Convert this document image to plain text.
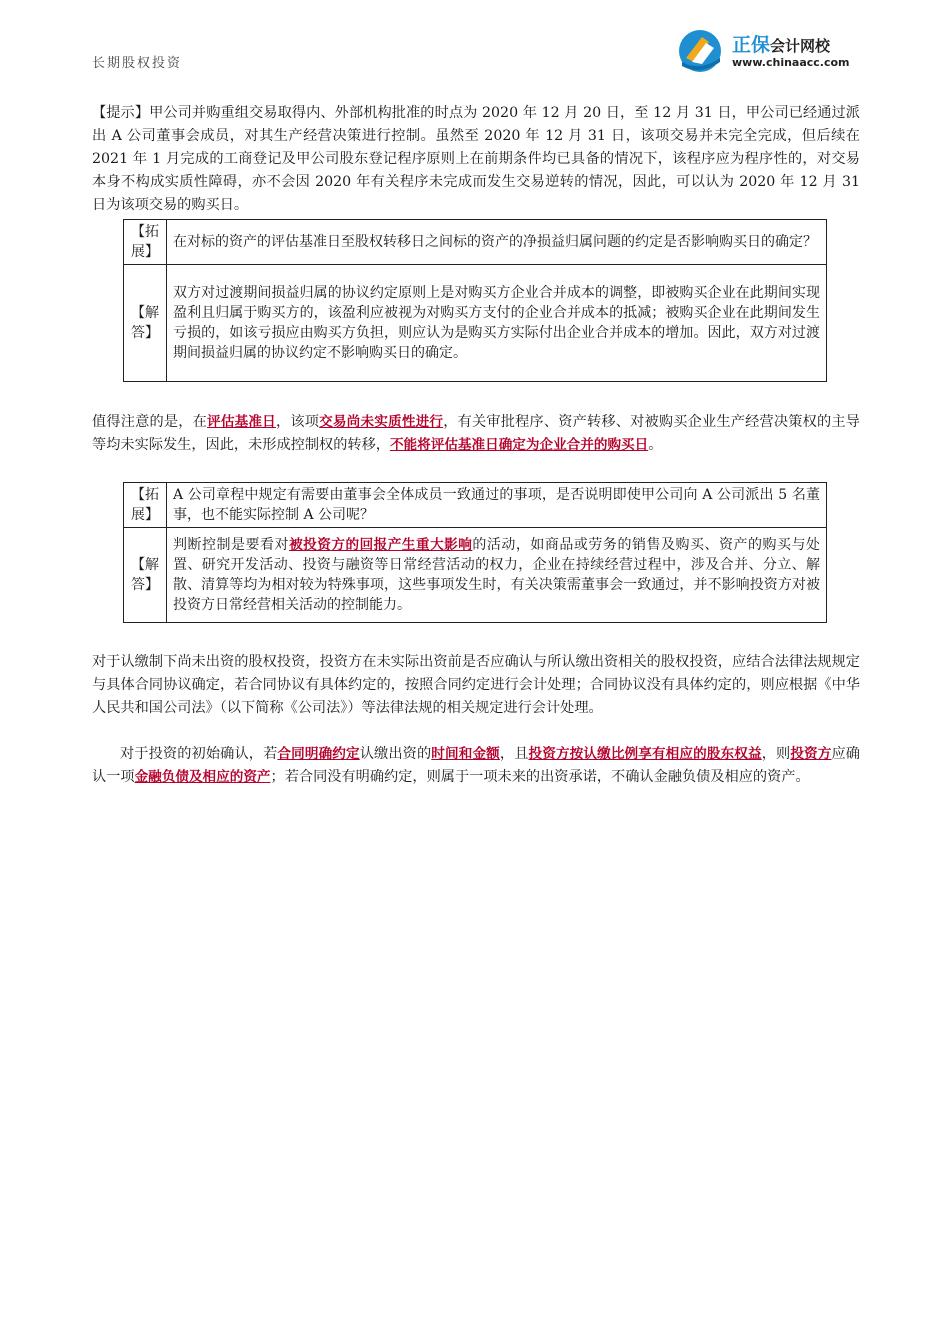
长期股权投资
正保会计网校
www.chinaacc.com

【提示】甲公司并购重组交易取得内、外部机构批准的时点为 2020 年 12 月 20 日，至 12 月 31 日，甲公司已经通过派出 A 公司董事会成员，对其生产经营决策进行控制。虽然至 2020 年 12 月 31 日，该项交易并未完全完成，但后续在 2021 年 1 月完成的工商登记及甲公司股东登记程序原则上在前期条件均已具备的情况下，该程序应为程序性的，对交易本身不构成实质性障碍，亦不会因 2020 年有关程序未完成而发生交易逆转的情况，因此，可以认为 2020 年 12 月 31 日为该项交易的购买日。

【拓展】	在对标的资产的评估基准日至股权转移日之间标的资产的净损益归属问题的约定是否影响购买日的确定？
【解答】	双方对过渡期间损益归属的协议约定原则上是对购买方企业合并成本的调整，即被购买企业在此期间实现盈利且归属于购买方的，该盈利应被视为对购买方支付的企业合并成本的抵减；被购买企业在此期间发生亏损的，如该亏损应由购买方负担，则应认为是购买方实际付出企业合并成本的增加。因此，双方对过渡期间损益归属的协议约定不影响购买日的确定。

值得注意的是，在评估基准日，该项交易尚未实质性进行，有关审批程序、资产转移、对被购买企业生产经营决策权的主导等均未实际发生，因此，未形成控制权的转移，不能将评估基准日确定为企业合并的购买日。

【拓展】	A 公司章程中规定有需要由董事会全体成员一致通过的事项，是否说明即使甲公司向 A 公司派出 5 名董事，也不能实际控制 A 公司呢？
【解答】	判断控制是要看对被投资方的回报产生重大影响的活动，如商品或劳务的销售及购买、资产的购买与处置、研究开发活动、投资与融资等日常经营活动的权力，企业在持续经营过程中，涉及合并、分立、解散、清算等均为相对较为特殊事项，这些事项发生时，有关决策需董事会一致通过，并不影响投资方对被投资方日常经营相关活动的控制能力。

对于认缴制下尚未出资的股权投资，投资方在未实际出资前是否应确认与所认缴出资相关的股权投资，应结合法律法规规定与具体合同协议确定，若合同协议有具体约定的，按照合同约定进行会计处理；合同协议没有具体约定的，则应根据《中华人民共和国公司法》（以下简称《公司法》）等法律法规的相关规定进行会计处理。

对于投资的初始确认，若合同明确约定认缴出资的时间和金额，且投资方按认缴比例享有相应的股东权益，则投资方应确认一项金融负债及相应的资产；若合同没有明确约定，则属于一项未来的出资承诺，不确认金融负债及相应的资产。
